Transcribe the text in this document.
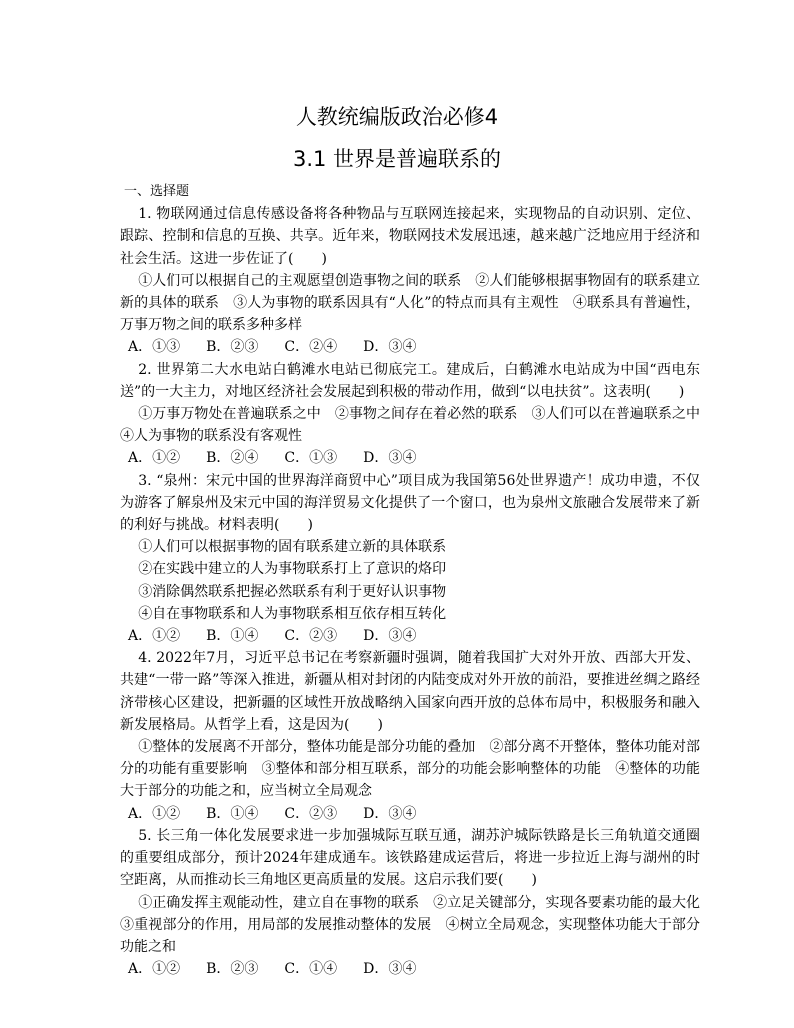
人教统编版政治必修4
3.1 世界是普遍联系的
一、选择题

1. 物联网通过信息传感设备将各种物品与互联网连接起来，实现物品的自动识别、定位、跟踪、控制和信息的互换、共享。近年来，物联网技术发展迅速，越来越广泛地应用于经济和社会生活。这进一步佐证了(　　)

①人们可以根据自己的主观愿望创造事物之间的联系　②人们能够根据事物固有的联系建立新的具体的联系　③人为事物的联系因具有“人化”的特点而具有主观性　④联系具有普遍性，万事万物之间的联系多种多样

A．①③ B．②③ C．②④ D．③④

2. 世界第二大水电站白鹤滩水电站已彻底完工。建成后，白鹤滩水电站成为中国“西电东送”的一大主力，对地区经济社会发展起到积极的带动作用，做到“以电扶贫”。这表明(　　)

①万事万物处在普遍联系之中　②事物之间存在着必然的联系　③人们可以在普遍联系之中　④人为事物的联系没有客观性

A．①② B．②④ C．①③ D．③④

3. “泉州：宋元中国的世界海洋商贸中心”项目成为我国第56处世界遗产！成功申遗，不仅为游客了解泉州及宋元中国的海洋贸易文化提供了一个窗口，也为泉州文旅融合发展带来了新的利好与挑战。材料表明(　　)

①人们可以根据事物的固有联系建立新的具体联系

②在实践中建立的人为事物联系打上了意识的烙印

③消除偶然联系把握必然联系有利于更好认识事物

④自在事物联系和人为事物联系相互依存相互转化

A．①② B．①④ C．②③ D．③④

4. 2022年7月，习近平总书记在考察新疆时强调，随着我国扩大对外开放、西部大开发、共建“一带一路”等深入推进，新疆从相对封闭的内陆变成对外开放的前沿，要推进丝绸之路经济带核心区建设，把新疆的区域性开放战略纳入国家向西开放的总体布局中，积极服务和融入新发展格局。从哲学上看，这是因为(　　)

①整体的发展离不开部分，整体功能是部分功能的叠加　②部分离不开整体，整体功能对部分的功能有重要影响　③整体和部分相互联系，部分的功能会影响整体的功能　④整体的功能大于部分的功能之和，应当树立全局观念

A．①② B．①④ C．②③ D．③④

5. 长三角一体化发展要求进一步加强城际互联互通，湖苏沪城际铁路是长三角轨道交通圈的重要组成部分，预计2024年建成通车。该铁路建成运营后，将进一步拉近上海与湖州的时空距离，从而推动长三角地区更高质量的发展。这启示我们要(　　)

①正确发挥主观能动性，建立自在事物的联系　②立足关键部分，实现各要素功能的最大化　③重视部分的作用，用局部的发展推动整体的发展　④树立全局观念，实现整体功能大于部分功能之和

A．①② B．②③ C．①④ D．③④
